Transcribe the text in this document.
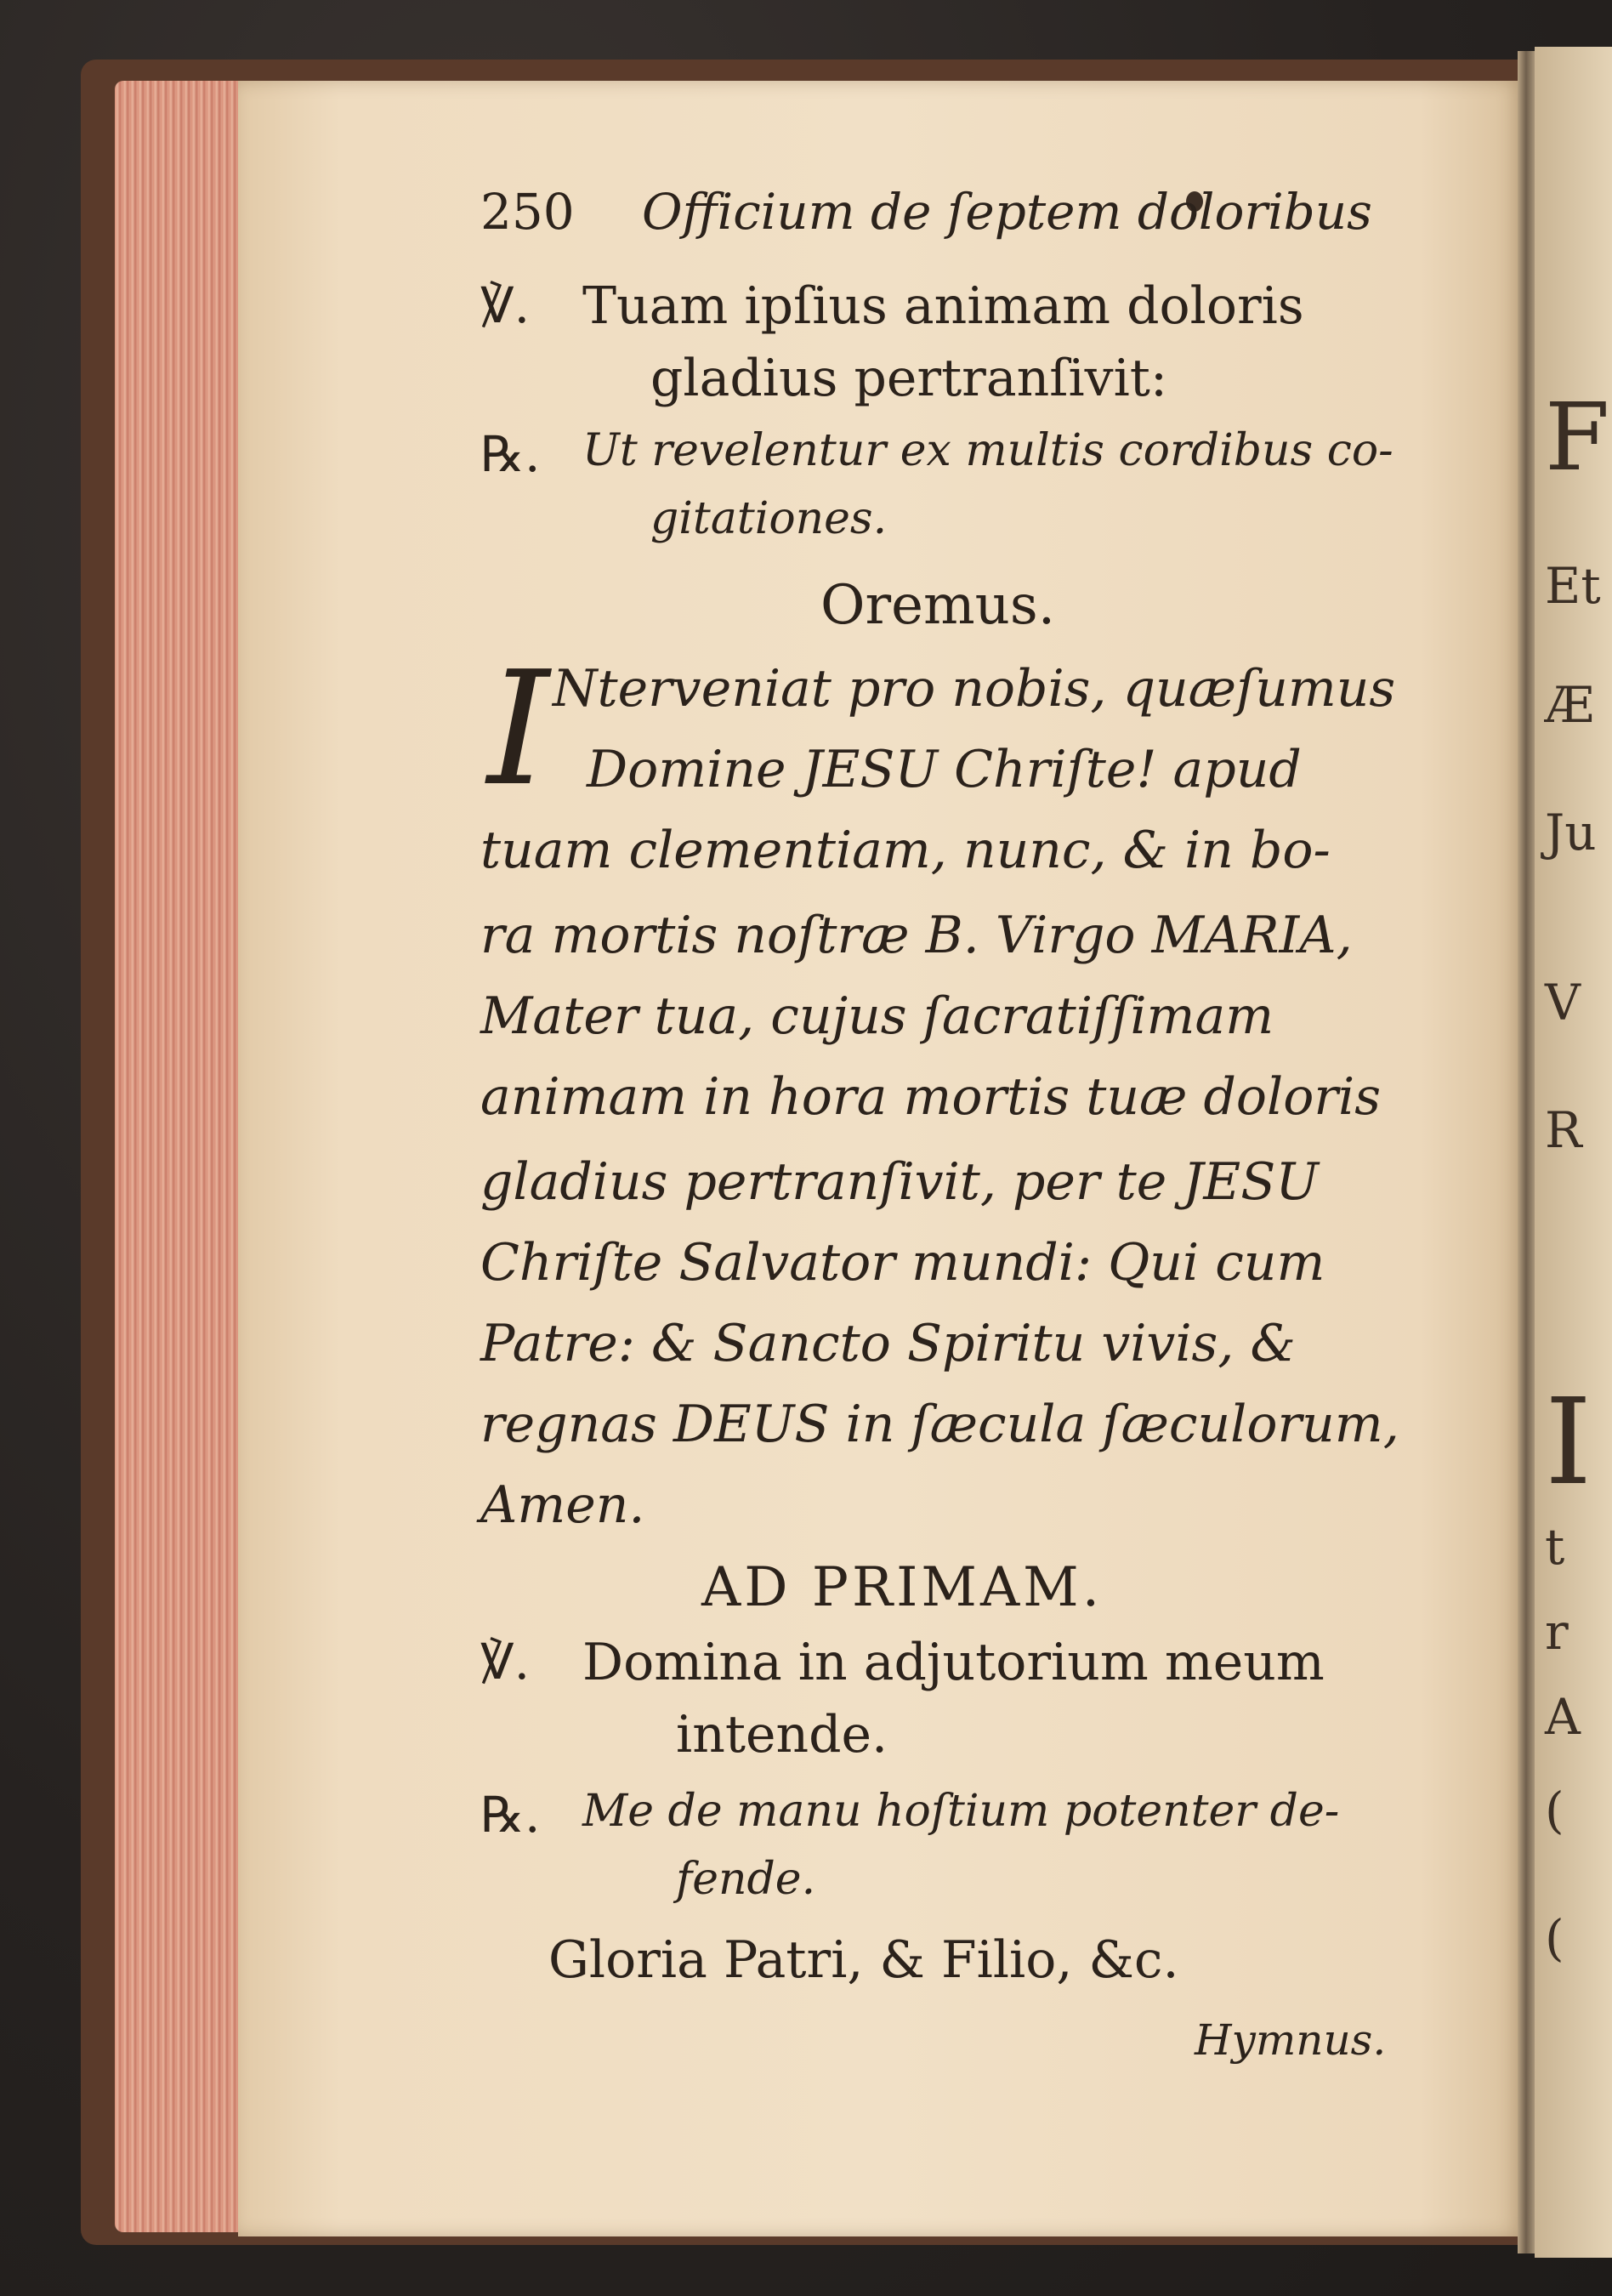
F
Et
Æ
Ju
V
R
I
t
r
A
(
(
250 Officium de ſeptem doloribus
℣. Tuam ipſius animam doloris
gladius pertranſivit:
℞. Ut revelentur ex multis cordibus co-
gitationes.
Oremus.
I Nterveniat pro nobis, quæſumus
Domine JESU Chriſte! apud
tuam clementiam, nunc, & in bo-
ra mortis noſtræ B. Virgo MARIA,
Mater tua, cujus ſacratiſſimam
animam in hora mortis tuæ doloris
gladius pertranſivit, per te JESU
Chriſte Salvator mundi: Qui cum
Patre: & Sancto Spiritu vivis, &
regnas DEUS in ſæcula ſæculorum,
Amen.
AD PRIMAM.
℣. Domina in adjutorium meum
intende.
℞. Me de manu hoſtium potenter de-
fende.
Gloria Patri, & Filio, &c.
Hymnus.
